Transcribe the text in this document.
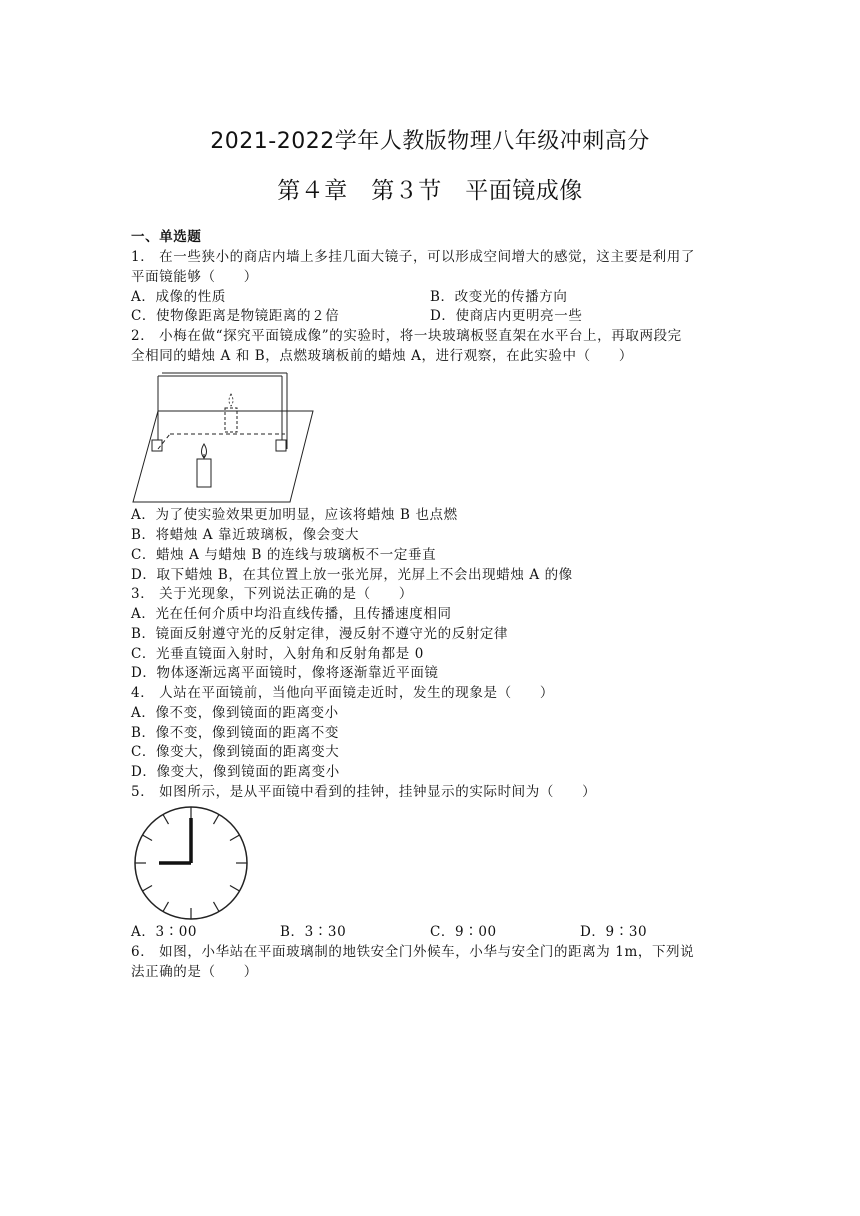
2021-2022学年人教版物理八年级冲刺高分
第４章　第３节　平面镜成像
一、单选题
1． 在一些狭小的商店内墙上多挂几面大镜子，可以形成空间增大的感觉，这主要是利用了
平面镜能够（　　）
A．成像的性质	B．改变光的传播方向
C．使物像距离是物镜距离的２倍	D．使商店内更明亮一些
2． 小梅在做“探究平面镜成像”的实验时，将一块玻璃板竖直架在水平台上，再取两段完
全相同的蜡烛 A 和 B，点燃玻璃板前的蜡烛 A，进行观察，在此实验中（　　）
A．为了使实验效果更加明显，应该将蜡烛 B 也点燃
B．将蜡烛 A 靠近玻璃板，像会变大
C．蜡烛 A 与蜡烛 B 的连线与玻璃板不一定垂直
D．取下蜡烛 B，在其位置上放一张光屏，光屏上不会出现蜡烛 A 的像
3． 关于光现象，下列说法正确的是（　　）
A．光在任何介质中均沿直线传播，且传播速度相同
B．镜面反射遵守光的反射定律，漫反射不遵守光的反射定律
C．光垂直镜面入射时，入射角和反射角都是 0
D．物体逐渐远离平面镜时，像将逐渐靠近平面镜
4． 人站在平面镜前，当他向平面镜走近时，发生的现象是（　　）
A．像不变，像到镜面的距离变小
B．像不变，像到镜面的距离不变
C．像变大，像到镜面的距离变大
D．像变大，像到镜面的距离变小
5． 如图所示，是从平面镜中看到的挂钟，挂钟显示的实际时间为（　　）
A．3∶00	B．3∶30	C．9∶00	D．9∶30
6． 如图，小华站在平面玻璃制的地铁安全门外候车，小华与安全门的距离为 1m，下列说
法正确的是（　　）
